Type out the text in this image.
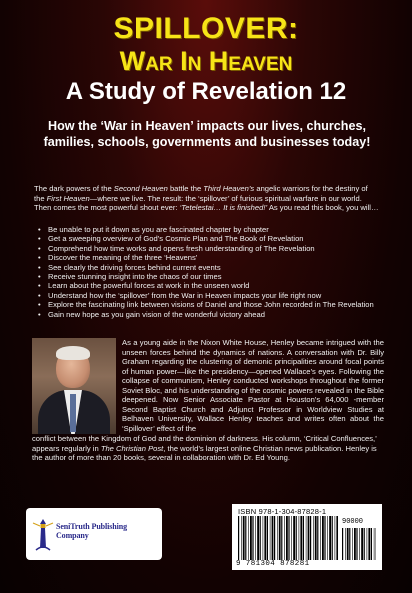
SPILLOVER:
War In Heaven
A Study of Revelation 12
How the ‘War in Heaven’ impacts our lives, churches, families, schools, governments and businesses today!

The dark powers of the Second Heaven battle the Third Heaven’s angelic warriors for the destiny of the First Heaven—where we live. The result: the ‘spillover’ of furious spiritual warfare in our world. Then comes the most powerful shout ever: ‘Tetelestai… It is finished!’ As you read this book, you will…

• Be unable to put it down as you are fascinated chapter by chapter
• Get a sweeping overview of God’s Cosmic Plan and The Book of Revelation
• Comprehend how time works and opens fresh understanding of The Revelation
• Discover the meaning of the three ‘Heavens’
• See clearly the driving forces behind current events
• Receive stunning insight into the chaos of our times
• Learn about the powerful forces at work in the unseen world
• Understand how the ‘spillover’ from the War in Heaven impacts your life right now
• Explore the fascinating link between visions of Daniel and those John recorded in The Revelation
• Gain new hope as you gain vision of the wonderful victory ahead

As a young aide in the Nixon White House, Henley became intrigued with the unseen forces behind the dynamics of nations. A conversation with Dr. Billy Graham regarding the clustering of demonic principalities around focal points of human power—like the presidency—opened Wallace’s eyes. Following the collapse of communism, Henley conducted workshops throughout the former Soviet Bloc, and his understanding of the cosmic powers revealed in the Bible deepened. Now Senior Associate Pastor at Houston’s 64,000 -member Second Baptist Church and Adjunct Professor in Worldview Studies at Belhaven University, Wallace Henley teaches and writes often about the ‘Spillover’ effect of the

conflict between the Kingdom of God and the dominion of darkness. His column, ‘Critical Confluences,’ appears regularly in The Christian Post, the world’s largest online Christian news publication. Henley is the author of more than 20 books, several in collaboration with Dr. Ed Young.

SeniTruth Publishing Company
ISBN 978-1-304-87828-1
90000
9 781304 878281
